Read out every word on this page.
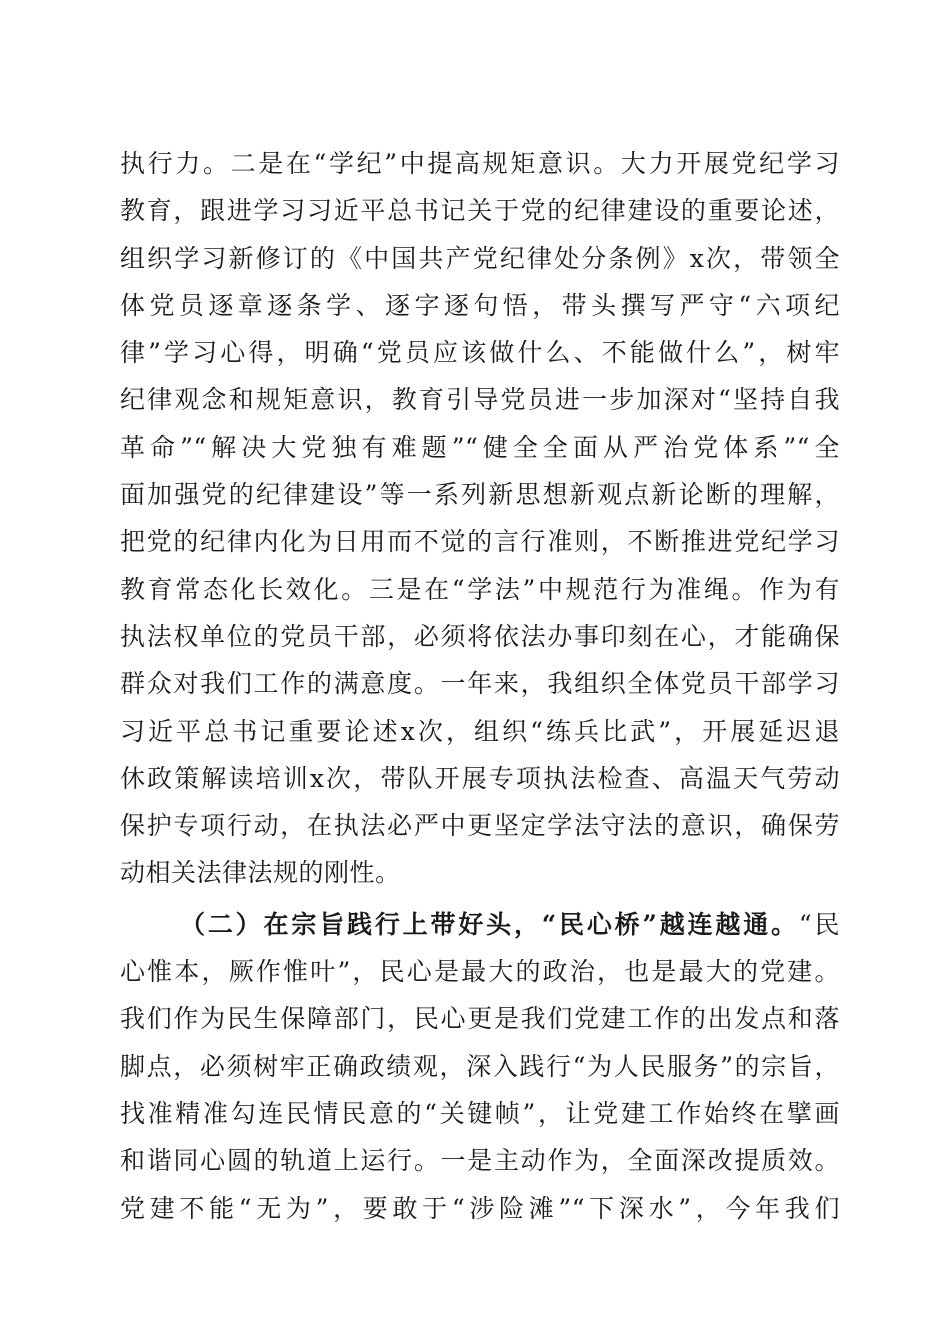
执行力。二是在“学纪”中提高规矩意识。大力开展党纪学习
教育，跟进学习习近平总书记关于党的纪律建设的重要论述，
组织学习新修订的《中国共产党纪律处分条例》x次，带领全
体党员逐章逐条学、逐字逐句悟，带头撰写严守“六项纪
律”学习心得，明确“党员应该做什么、不能做什么”，树牢
纪律观念和规矩意识，教育引导党员进一步加深对“坚持自我
革命”“解决大党独有难题”“健全全面从严治党体系”“全
面加强党的纪律建设”等一系列新思想新观点新论断的理解，
把党的纪律内化为日用而不觉的言行准则，不断推进党纪学习
教育常态化长效化。三是在“学法”中规范行为准绳。作为有
执法权单位的党员干部，必须将依法办事印刻在心，才能确保
群众对我们工作的满意度。一年来，我组织全体党员干部学习
习近平总书记重要论述x次，组织“练兵比武”，开展延迟退
休政策解读培训x次，带队开展专项执法检查、高温天气劳动
保护专项行动，在执法必严中更坚定学法守法的意识，确保劳
动相关法律法规的刚性。
（二）在宗旨践行上带好头，“民心桥”越连越通。“民
心惟本，厥作惟叶”，民心是最大的政治，也是最大的党建。
我们作为民生保障部门，民心更是我们党建工作的出发点和落
脚点，必须树牢正确政绩观，深入践行“为人民服务”的宗旨，
找准精准勾连民情民意的“关键帧”，让党建工作始终在擘画
和谐同心圆的轨道上运行。一是主动作为，全面深改提质效。
党建不能“无为”，要敢于“涉险滩”“下深水”，今年我们
